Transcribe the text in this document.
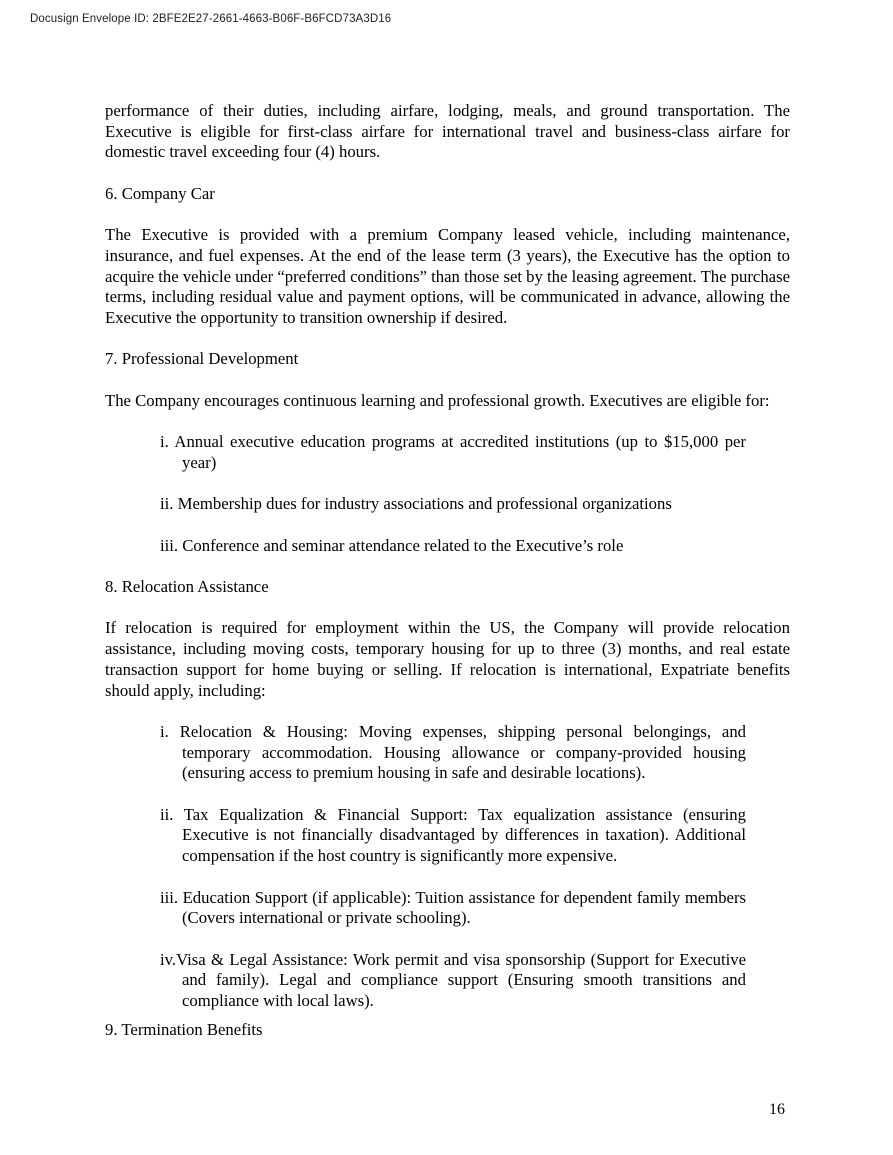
Docusign Envelope ID: 2BFE2E27-2661-4663-B06F-B6FCD73A3D16

performance of their duties, including airfare, lodging, meals, and ground transportation. The Executive is eligible for first-class airfare for international travel and business-class airfare for domestic travel exceeding four (4) hours.

6. Company Car

The Executive is provided with a premium Company leased vehicle, including maintenance, insurance, and fuel expenses. At the end of the lease term (3 years), the Executive has the option to acquire the vehicle under “preferred conditions” than those set by the leasing agreement. The purchase terms, including residual value and payment options, will be communicated in advance, allowing the Executive the opportunity to transition ownership if desired.

7. Professional Development

The Company encourages continuous learning and professional growth. Executives are eligible for:

i. Annual executive education programs at accredited institutions (up to $15,000 per year)
ii. Membership dues for industry associations and professional organizations
iii. Conference and seminar attendance related to the Executive’s role

8. Relocation Assistance

If relocation is required for employment within the US, the Company will provide relocation assistance, including moving costs, temporary housing for up to three (3) months, and real estate transaction support for home buying or selling. If relocation is international, Expatriate benefits should apply, including:

i. Relocation & Housing: Moving expenses, shipping personal belongings, and temporary accommodation. Housing allowance or company-provided housing (ensuring access to premium housing in safe and desirable locations).
ii. Tax Equalization & Financial Support: Tax equalization assistance (ensuring Executive is not financially disadvantaged by differences in taxation). Additional compensation if the host country is significantly more expensive.
iii. Education Support (if applicable): Tuition assistance for dependent family members (Covers international or private schooling).
iv.Visa & Legal Assistance: Work permit and visa sponsorship (Support for Executive and family). Legal and compliance support (Ensuring smooth transitions and compliance with local laws).

9. Termination Benefits

16
